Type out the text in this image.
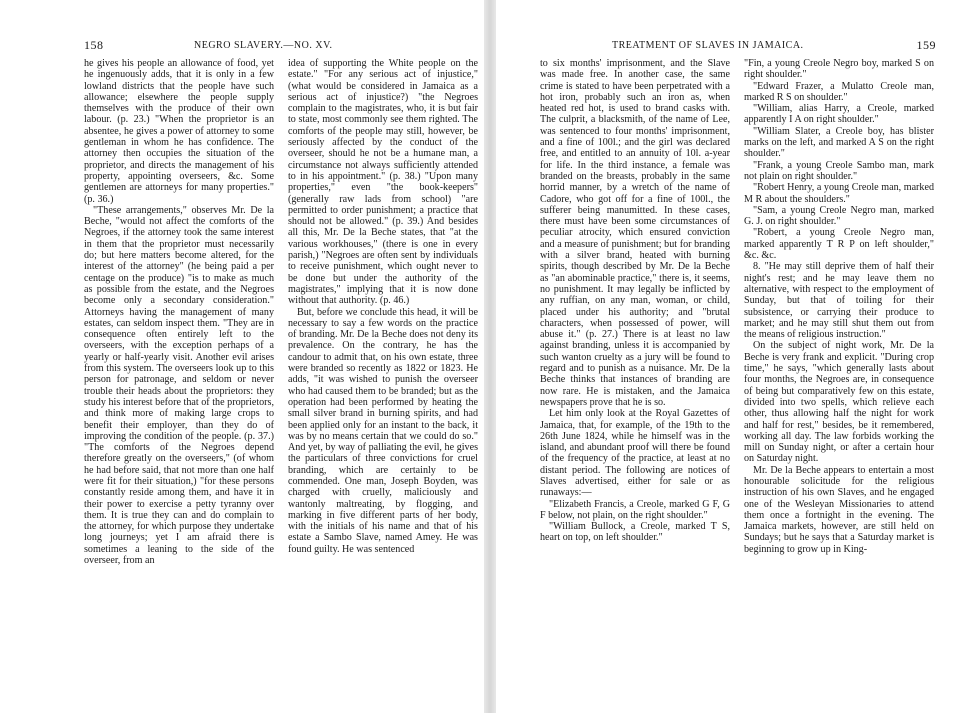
158	NEGRO SLAVERY.—NO. XV.	TREATMENT OF SLAVES IN JAMAICA.	159

he gives his people an allowance of food, yet he ingenuously adds, that it is only in a few lowland districts that the people have such allowance; elsewhere the people supply themselves with the produce of their own labour. (p. 23.) "When the proprietor is an absentee, he gives a power of attorney to some gentleman in whom he has confidence. The attorney then occupies the situation of the proprietor, and directs the management of his property, appointing overseers, &c. Some gentlemen are attorneys for many properties." (p. 36.)

"These arrangements," observes Mr. De la Beche, "would not affect the comforts of the Negroes, if the attorney took the same interest in them that the proprietor must necessarily do; but here matters become altered, for the interest of the attorney" (he being paid a per centage on the produce) "is to make as much as possible from the estate, and the Negroes become only a secondary consideration." Attorneys having the management of many estates, can seldom inspect them. "They are in consequence often entirely left to the overseers, with the exception perhaps of a yearly or half-yearly visit. Another evil arises from this system. The overseers look up to this person for patronage, and seldom or never trouble their heads about the proprietors: they study his interest before that of the proprietors, and think more of making large crops to benefit their employer, than they do of improving the condition of the people. (p. 37.) "The comforts of the Negroes depend therefore greatly on the overseers," (of whom he had before said, that not more than one half were fit for their situation,) "for these persons constantly reside among them, and have it in their power to exercise a petty tyranny over them. It is true they can and do complain to the attorney, for which purpose they undertake long journeys; yet I am afraid there is sometimes a leaning to the side of the overseer, from an

idea of supporting the White people on the estate." "For any serious act of injustice," (what would be considered in Jamaica as a serious act of injustice?) "the Negroes complain to the magistrates, who, it is but fair to state, most commonly see them righted. The comforts of the people may still, however, be seriously affected by the conduct of the overseer, should he not be a humane man, a circumstance not always sufficiently attended to in his appointment." (p. 38.) "Upon many properties," even "the book-keepers" (generally raw lads from school) "are permitted to order punishment; a practice that should not be allowed." (p. 39.) And besides all this, Mr. De la Beche states, that "at the various workhouses," (there is one in every parish,) "Negroes are often sent by individuals to receive punishment, which ought never to be done but under the authority of the magistrates," implying that it is now done without that authority. (p. 46.)

But, before we conclude this head, it will be necessary to say a few words on the practice of branding. Mr. De la Beche does not deny its prevalence. On the contrary, he has the candour to admit that, on his own estate, three were branded so recently as 1822 or 1823. He adds, "it was wished to punish the overseer who had caused them to be branded; but as the operation had been performed by heating the small silver brand in burning spirits, and had been applied only for an instant to the back, it was by no means certain that we could do so." And yet, by way of palliating the evil, he gives the particulars of three convictions for cruel branding, which are certainly to be commended. One man, Joseph Boyden, was charged with cruelly, maliciously and wantonly maltreating, by flogging, and marking in five different parts of her body, with the initials of his name and that of his estate a Sambo Slave, named Amey. He was found guilty. He was sentenced

to six months' imprisonment, and the Slave was made free. In another case, the same crime is stated to have been perpetrated with a hot iron, probably such an iron as, when heated red hot, is used to brand casks with. The culprit, a blacksmith, of the name of Lee, was sentenced to four months' imprisonment, and a fine of 100l.; and the girl was declared free, and entitled to an annuity of 10l. a-year for life. In the third instance, a female was branded on the breasts, probably in the same horrid manner, by a wretch of the name of Cadore, who got off for a fine of 100l., the sufferer being manumitted. In these cases, there must have been some circumstances of peculiar atrocity, which ensured conviction and a measure of punishment; but for branding with a silver brand, heated with burning spirits, though described by Mr. De la Beche as "an abominable practice," there is, it seems, no punishment. It may legally be inflicted by any ruffian, on any man, woman, or child, placed under his authority; and "brutal characters, when possessed of power, will abuse it." (p. 27.) There is at least no law against branding, unless it is accompanied by such wanton cruelty as a jury will be found to regard and to punish as a nuisance. Mr. De la Beche thinks that instances of branding are now rare. He is mistaken, and the Jamaica newspapers prove that he is so.

Let him only look at the Royal Gazettes of Jamaica, that, for example, of the 19th to the 26th June 1824, while he himself was in the island, and abundant proof will there be found of the frequency of the practice, at least at no distant period. The following are notices of Slaves advertised, either for sale or as runaways:—

"Elizabeth Francis, a Creole, marked G F, G F below, not plain, on the right shoulder."

"William Bullock, a Creole, marked T S, heart on top, on left shoulder."

"Fin, a young Creole Negro boy, marked S on right shoulder."

"Edward Frazer, a Mulatto Creole man, marked R S on shoulder."

"William, alias Harry, a Creole, marked apparently I A on right shoulder."

"William Slater, a Creole boy, has blister marks on the left, and marked A S on the right shoulder."

"Frank, a young Creole Sambo man, mark not plain on right shoulder."

"Robert Henry, a young Creole man, marked M R about the shoulders."

"Sam, a young Creole Negro man, marked G. J. on right shoulder."

"Robert, a young Creole Negro man, marked apparently T R P on left shoulder," &c. &c.

8. "He may still deprive them of half their night's rest; and he may leave them no alternative, with respect to the employment of Sunday, but that of toiling for their subsistence, or carrying their produce to market; and he may still shut them out from the means of religious instruction."

On the subject of night work, Mr. De la Beche is very frank and explicit. "During crop time," he says, "which generally lasts about four months, the Negroes are, in consequence of being but comparatively few on this estate, divided into two spells, which relieve each other, thus allowing half the night for work and half for rest," besides, be it remembered, working all day. The law forbids working the mill on Sunday night, or after a certain hour on Saturday night.

Mr. De la Beche appears to entertain a most honourable solicitude for the religious instruction of his own Slaves, and he engaged one of the Wesleyan Missionaries to attend them once a fortnight in the evening. The Jamaica markets, however, are still held on Sundays; but he says that a Saturday market is beginning to grow up in King-
